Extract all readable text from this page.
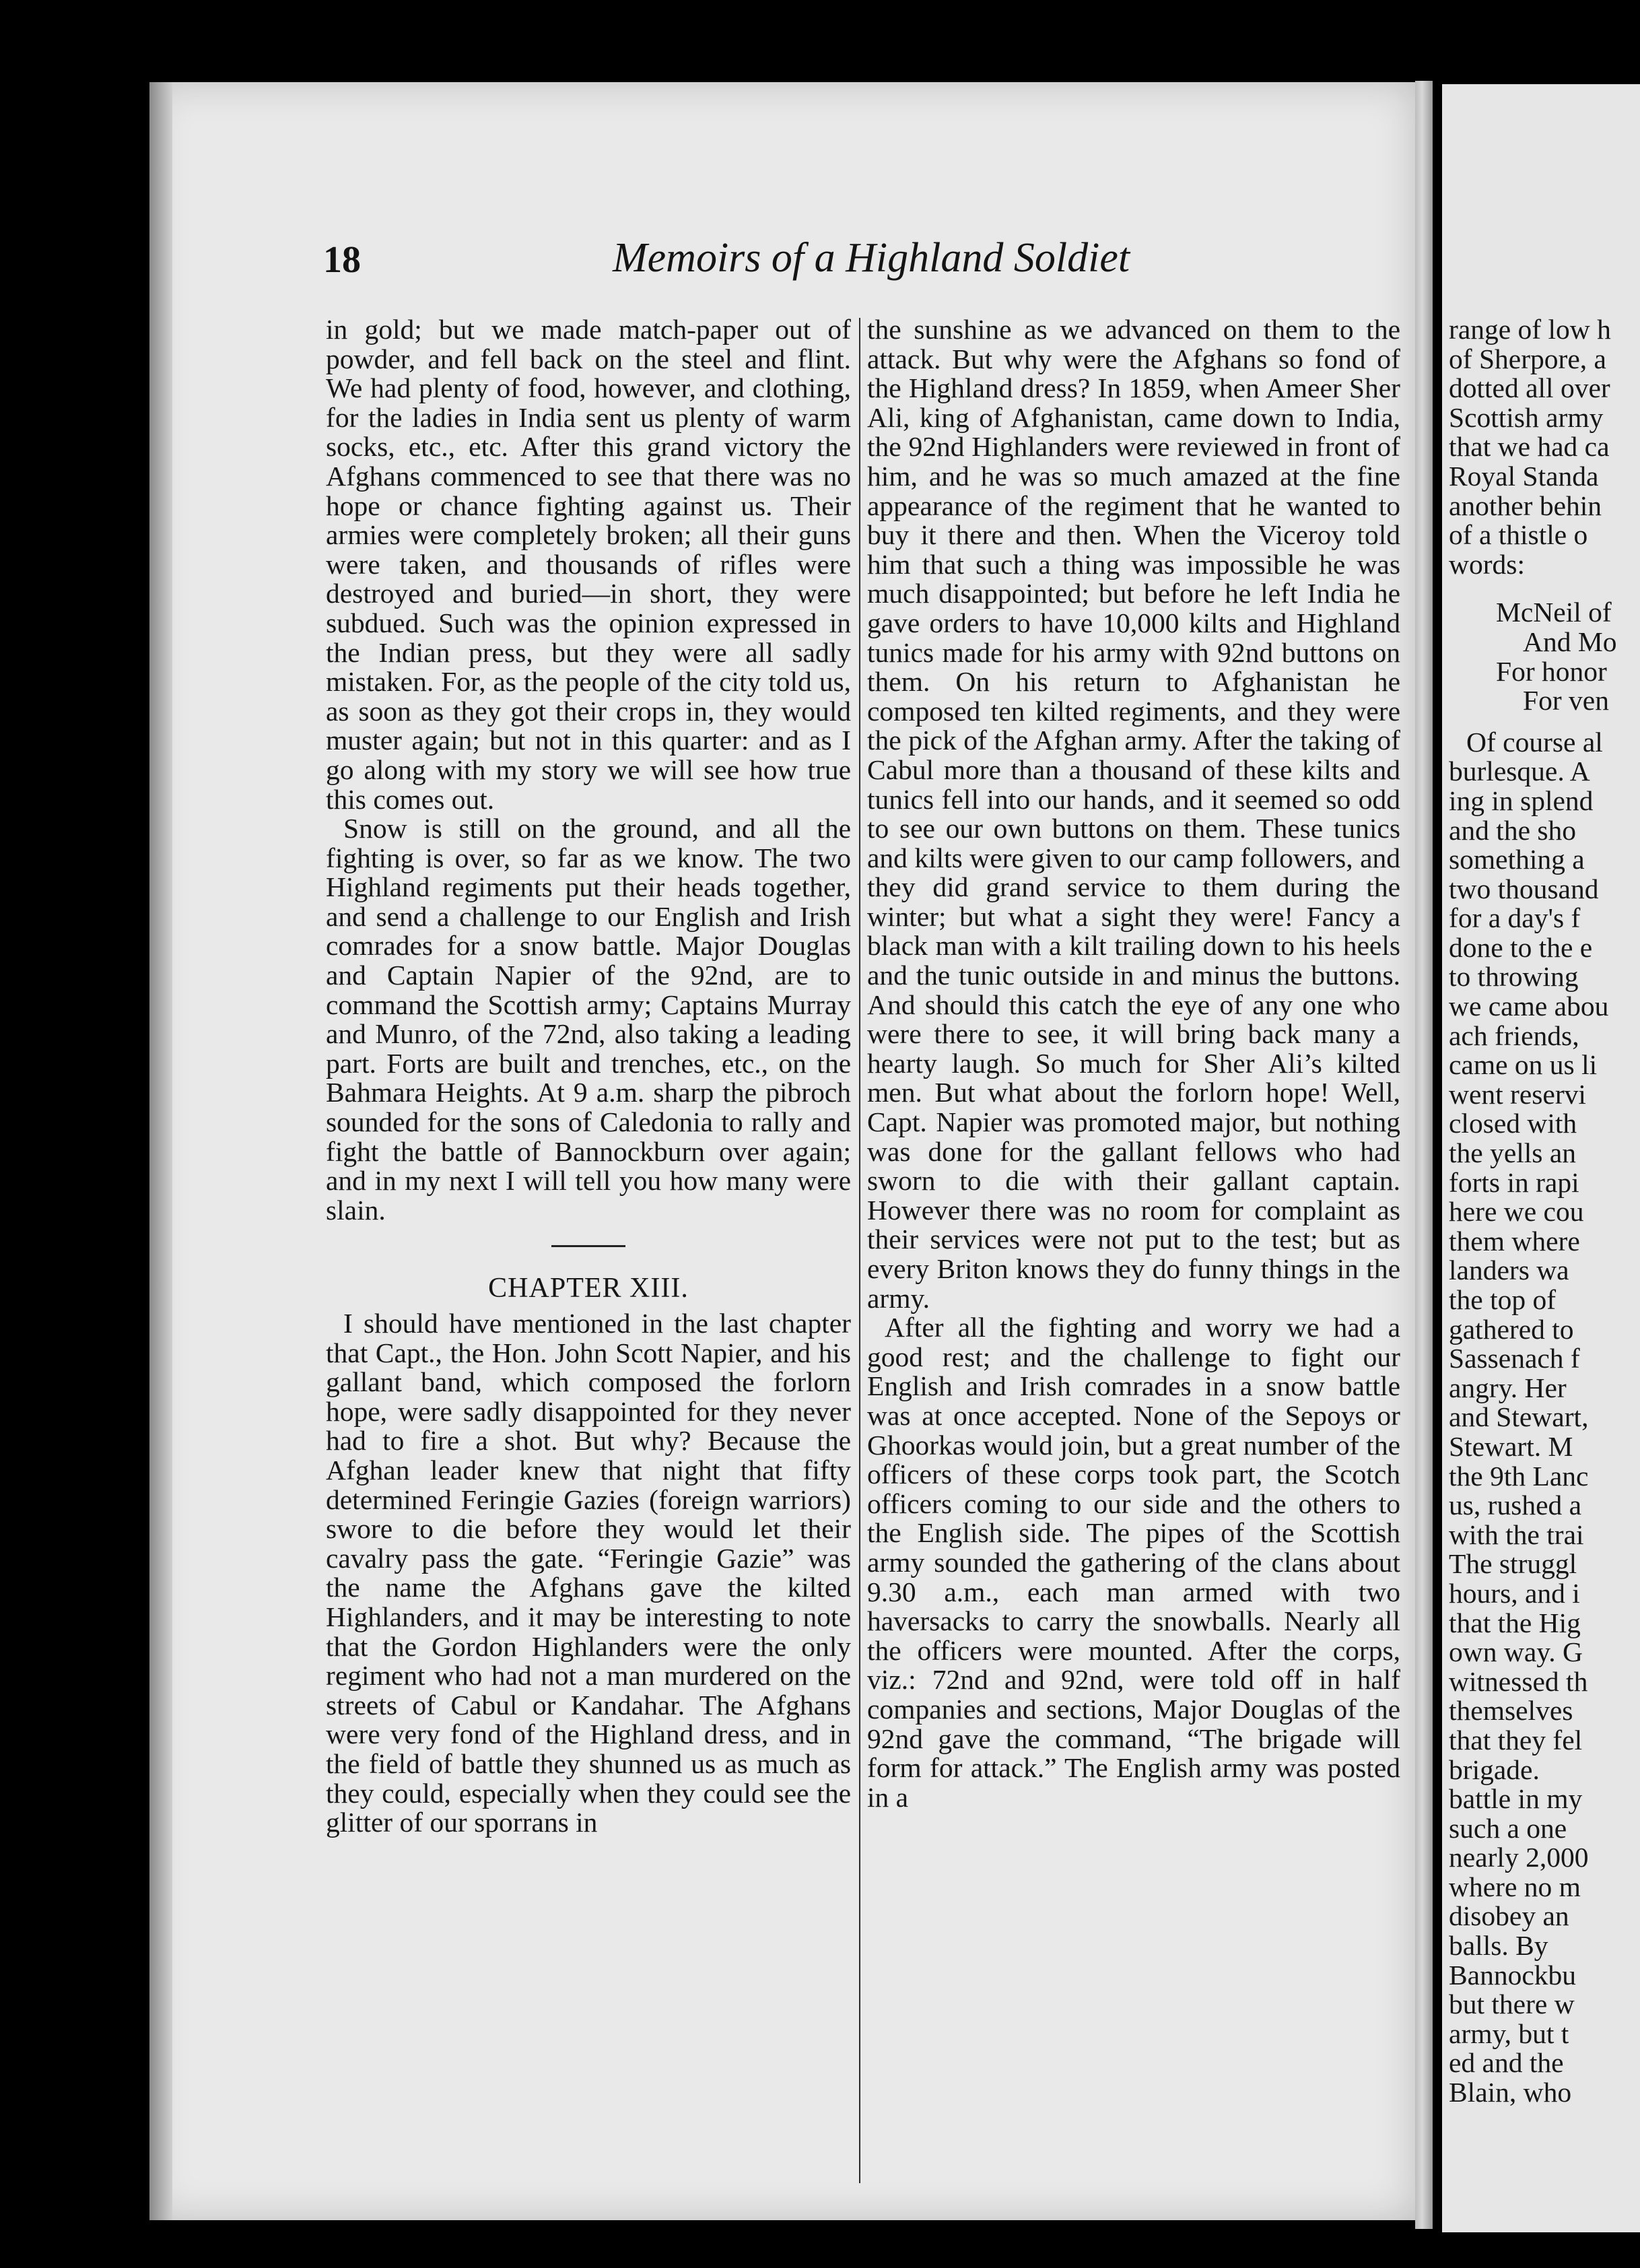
18	Memoirs of a Highland Soldiet

in gold; but we made match-paper out of powder, and fell back on the steel and flint. We had plenty of food, however, and clothing, for the ladies in India sent us plenty of warm socks, etc., etc. After this grand victory the Afghans commenced to see that there was no hope or chance fighting against us. Their armies were completely broken; all their guns were taken, and thousands of rifles were destroyed and buried—in short, they were subdued. Such was the opinion expressed in the Indian press, but they were all sadly mistaken. For, as the people of the city told us, as soon as they got their crops in, they would muster again; but not in this quarter: and as I go along with my story we will see how true this comes out.

Snow is still on the ground, and all the fighting is over, so far as we know. The two Highland regiments put their heads together, and send a challenge to our English and Irish comrades for a snow battle. Major Douglas and Captain Napier of the 92nd, are to command the Scottish army; Captains Murray and Munro, of the 72nd, also taking a leading part. Forts are built and trenches, etc., on the Bahmara Heights. At 9 a.m. sharp the pibroch sounded for the sons of Caledonia to rally and fight the battle of Bannockburn over again; and in my next I will tell you how many were slain.

CHAPTER XIII.

I should have mentioned in the last chapter that Capt., the Hon. John Scott Napier, and his gallant band, which composed the forlorn hope, were sadly disappointed for they never had to fire a shot. But why? Because the Afghan leader knew that night that fifty determined Feringie Gazies (foreign warriors) swore to die before they would let their cavalry pass the gate. “Feringie Gazie” was the name the Afghans gave the kilted Highlanders, and it may be interesting to note that the Gordon Highlanders were the only regiment who had not a man murdered on the streets of Cabul or Kandahar. The Afghans were very fond of the Highland dress, and in the field of battle they shunned us as much as they could, especially when they could see the glitter of our sporrans in

the sunshine as we advanced on them to the attack. But why were the Afghans so fond of the Highland dress? In 1859, when Ameer Sher Ali, king of Afghanistan, came down to India, the 92nd Highlanders were reviewed in front of him, and he was so much amazed at the fine appearance of the regiment that he wanted to buy it there and then. When the Viceroy told him that such a thing was impossible he was much disappointed; but before he left India he gave orders to have 10,000 kilts and Highland tunics made for his army with 92nd buttons on them. On his return to Afghanistan he composed ten kilted regiments, and they were the pick of the Afghan army. After the taking of Cabul more than a thousand of these kilts and tunics fell into our hands, and it seemed so odd to see our own buttons on them. These tunics and kilts were given to our camp followers, and they did grand service to them during the winter; but what a sight they were! Fancy a black man with a kilt trailing down to his heels and the tunic outside in and minus the buttons. And should this catch the eye of any one who were there to see, it will bring back many a hearty laugh. So much for Sher Ali’s kilted men. But what about the forlorn hope! Well, Capt. Napier was promoted major, but nothing was done for the gallant fellows who had sworn to die with their gallant captain. However there was no room for complaint as their services were not put to the test; but as every Briton knows they do funny things in the army.

After all the fighting and worry we had a good rest; and the challenge to fight our English and Irish comrades in a snow battle was at once accepted. None of the Sepoys or Ghoorkas would join, but a great number of the officers of these corps took part, the Scotch officers coming to our side and the others to the English side. The pipes of the Scottish army sounded the gathering of the clans about 9.30 a.m., each man armed with two haversacks to carry the snowballs. Nearly all the officers were mounted. After the corps, viz.: 72nd and 92nd, were told off in half companies and sections, Major Douglas of the 92nd gave the command, “The brigade will form for attack.” The English army was posted in a

range of low h
of Sherpore, a
dotted all over
Scottish army
that we had ca
Royal Standa
another behin
of a thistle o
words:
McNeil of
And Mo
For honor
For ven
Of course al
burlesque. A
ing in splend
and the sho
something a
two thousand
for a day's f
done to the e
to throwing
we came abou
ach friends,
came on us li
went reservi
closed with
the yells an
forts in rapi
here we cou
them where
landers wa
the top of
gathered to
Sassenach f
angry. Her
and Stewart,
Stewart. M
the 9th Lanc
us, rushed a
with the trai
The struggl
hours, and i
that the Hig
own way. G
witnessed th
themselves
that they fel
brigade.
battle in my
such a one
nearly 2,000
where no m
disobey an
balls. By
Bannockbu
but there w
army, but t
ed and the
Blain, who
